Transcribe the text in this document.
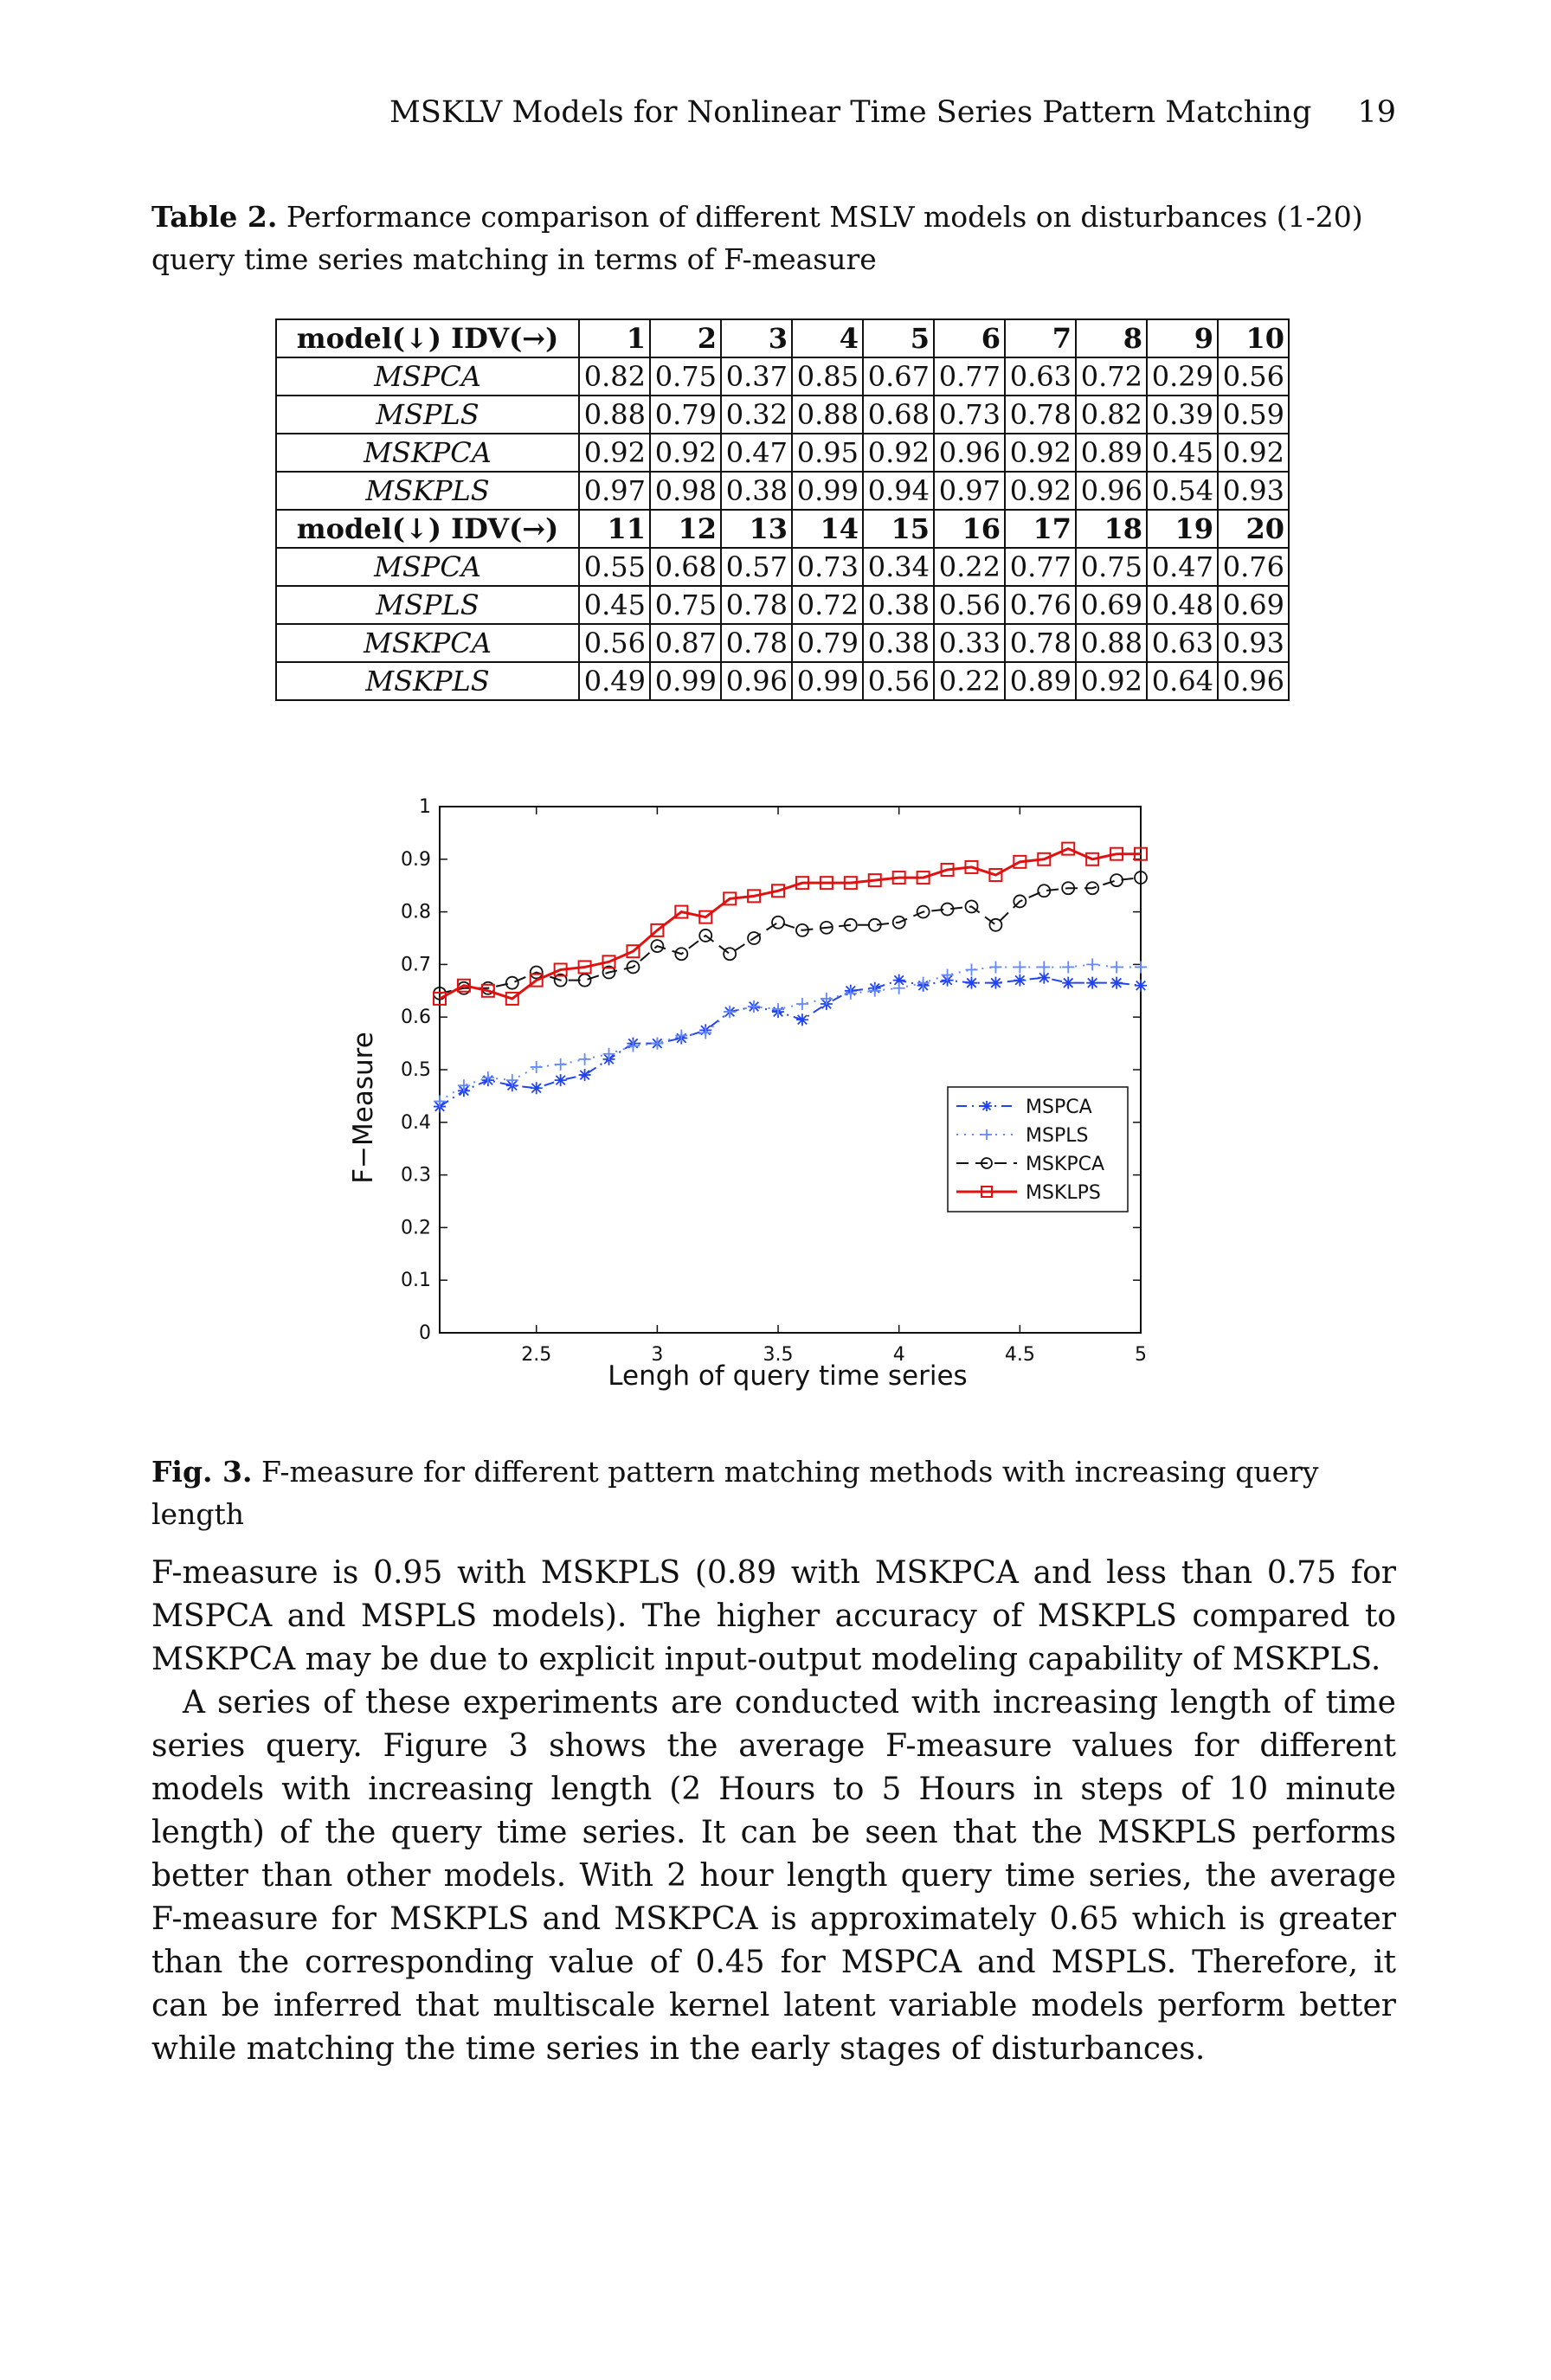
MSKLV Models for Nonlinear Time Series Pattern Matching 19
Table 2. Performance comparison of different MSLV models on disturbances (1-20) query time series matching in terms of F-measure
model(↓) IDV(→)	1	2	3	4	5	6	7	8	9	10
MSPCA	0.82	0.75	0.37	0.85	0.67	0.77	0.63	0.72	0.29	0.56
MSPLS	0.88	0.79	0.32	0.88	0.68	0.73	0.78	0.82	0.39	0.59
MSKPCA	0.92	0.92	0.47	0.95	0.92	0.96	0.92	0.89	0.45	0.92
MSKPLS	0.97	0.98	0.38	0.99	0.94	0.97	0.92	0.96	0.54	0.93
model(↓) IDV(→)	11	12	13	14	15	16	17	18	19	20
MSPCA	0.55	0.68	0.57	0.73	0.34	0.22	0.77	0.75	0.47	0.76
MSPLS	0.45	0.75	0.78	0.72	0.38	0.56	0.76	0.69	0.48	0.69
MSKPCA	0.56	0.87	0.78	0.79	0.38	0.33	0.78	0.88	0.63	0.93
MSKPLS	0.49	0.99	0.96	0.99	0.56	0.22	0.89	0.92	0.64	0.96
0
0.1
0.2
0.3
0.4
0.5
0.6
0.7
0.8
0.9
1
2.5	3	3.5	4	4.5	5
MSPCA
MSPLS
MSKPCA
MSKLPS
Lengh of query time series
F−Measure
Fig. 3. F-measure for different pattern matching methods with increasing query length

F-measure is 0.95 with MSKPLS (0.89 with MSKPCA and less than 0.75 for MSPCA and MSPLS models). The higher accuracy of MSKPLS compared to MSKPCA may be due to explicit input-output modeling capability of MSKPLS.

A series of these experiments are conducted with increasing length of time series query. Figure 3 shows the average F-measure values for different models with increasing length (2 Hours to 5 Hours in steps of 10 minute length) of the query time series. It can be seen that the MSKPLS performs better than other models. With 2 hour length query time series, the average F-measure for MSKPLS and MSKPCA is approximately 0.65 which is greater than the corresponding value of 0.45 for MSPCA and MSPLS. Therefore, it can be inferred that multiscale kernel latent variable models perform better while matching the time series in the early stages of disturbances.
